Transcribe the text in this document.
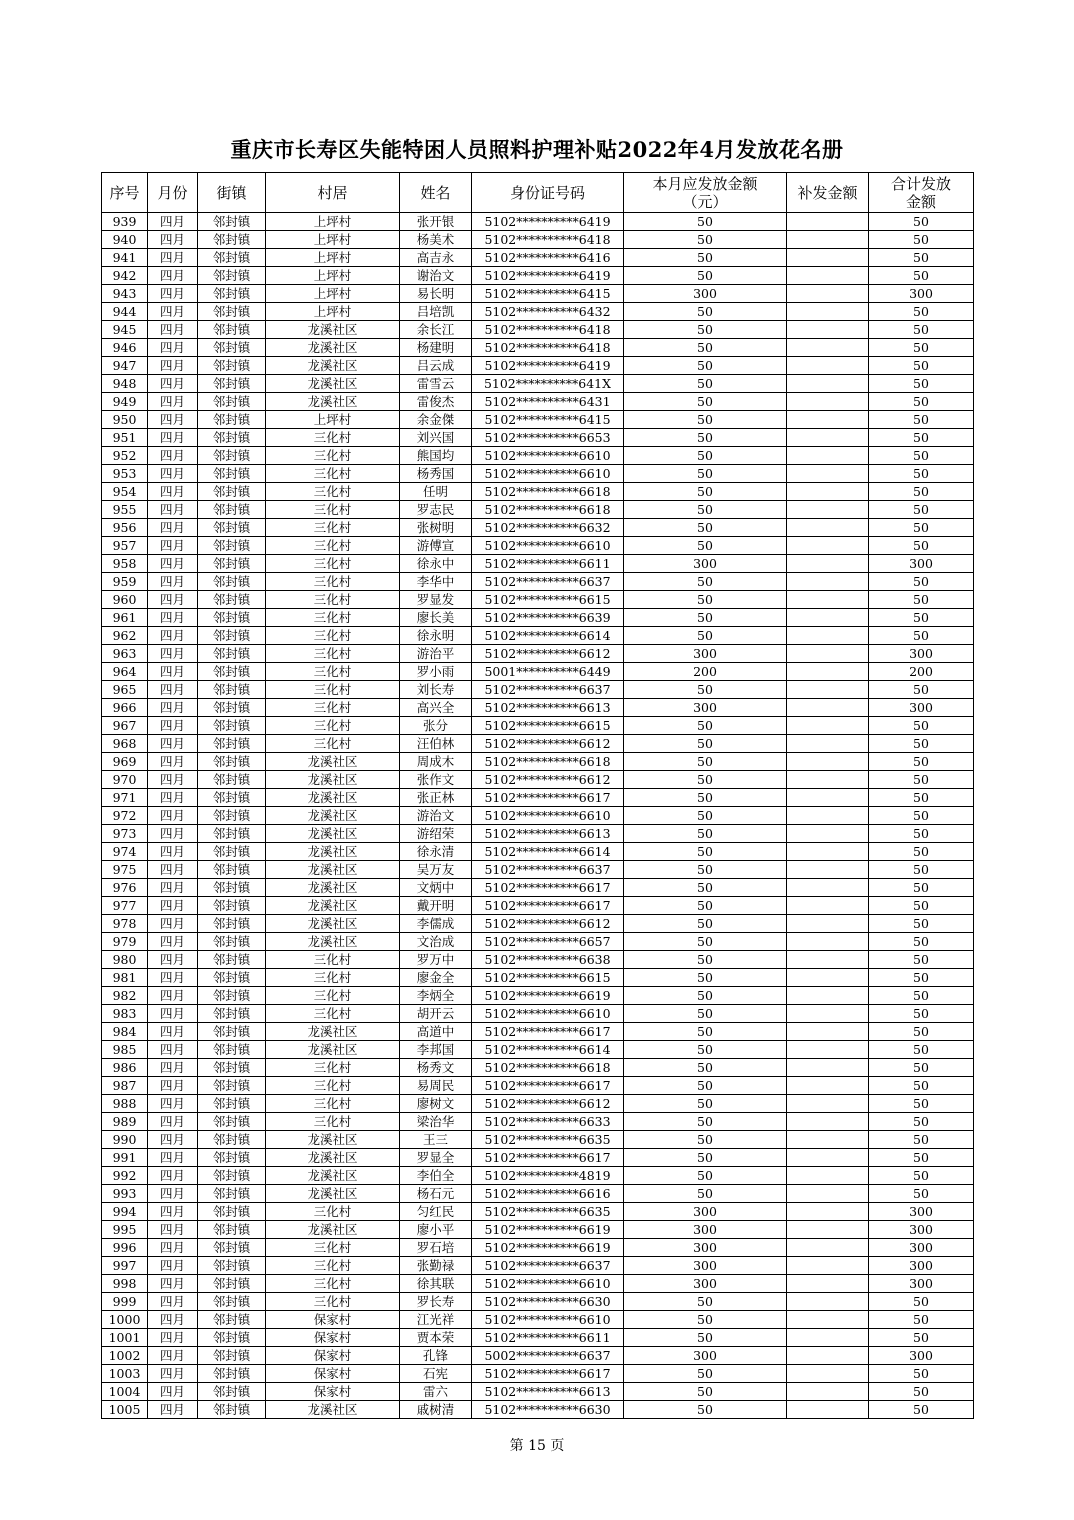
重庆市长寿区失能特困人员照料护理补贴2022年4月发放花名册
序号	月份	街镇	村居	姓名	身份证号码	本月应发放金额（元）	补发金额	合计发放金额
939	四月	邻封镇	上坪村	张开银	5102**********6419	50		50
940	四月	邻封镇	上坪村	杨美术	5102**********6418	50		50
941	四月	邻封镇	上坪村	高吉永	5102**********6416	50		50
942	四月	邻封镇	上坪村	谢治文	5102**********6419	50		50
943	四月	邻封镇	上坪村	易长明	5102**********6415	300		300
944	四月	邻封镇	上坪村	吕培凯	5102**********6432	50		50
945	四月	邻封镇	龙溪社区	余长江	5102**********6418	50		50
946	四月	邻封镇	龙溪社区	杨建明	5102**********6418	50		50
947	四月	邻封镇	龙溪社区	吕云成	5102**********6419	50		50
948	四月	邻封镇	龙溪社区	雷雪云	5102**********641X	50		50
949	四月	邻封镇	龙溪社区	雷俊杰	5102**********6431	50		50
950	四月	邻封镇	上坪村	余金傑	5102**********6415	50		50
951	四月	邻封镇	三化村	刘兴国	5102**********6653	50		50
952	四月	邻封镇	三化村	熊国均	5102**********6610	50		50
953	四月	邻封镇	三化村	杨秀国	5102**********6610	50		50
954	四月	邻封镇	三化村	任明	5102**********6618	50		50
955	四月	邻封镇	三化村	罗志民	5102**********6618	50		50
956	四月	邻封镇	三化村	张树明	5102**********6632	50		50
957	四月	邻封镇	三化村	游傅宣	5102**********6610	50		50
958	四月	邻封镇	三化村	徐永中	5102**********6611	300		300
959	四月	邻封镇	三化村	李华中	5102**********6637	50		50
960	四月	邻封镇	三化村	罗显发	5102**********6615	50		50
961	四月	邻封镇	三化村	廖长美	5102**********6639	50		50
962	四月	邻封镇	三化村	徐永明	5102**********6614	50		50
963	四月	邻封镇	三化村	游治平	5102**********6612	300		300
964	四月	邻封镇	三化村	罗小雨	5001**********6449	200		200
965	四月	邻封镇	三化村	刘长寿	5102**********6637	50		50
966	四月	邻封镇	三化村	高兴全	5102**********6613	300		300
967	四月	邻封镇	三化村	张分	5102**********6615	50		50
968	四月	邻封镇	三化村	汪伯林	5102**********6612	50		50
969	四月	邻封镇	龙溪社区	周成木	5102**********6618	50		50
970	四月	邻封镇	龙溪社区	张作文	5102**********6612	50		50
971	四月	邻封镇	龙溪社区	张正林	5102**********6617	50		50
972	四月	邻封镇	龙溪社区	游治文	5102**********6610	50		50
973	四月	邻封镇	龙溪社区	游绍荣	5102**********6613	50		50
974	四月	邻封镇	龙溪社区	徐永清	5102**********6614	50		50
975	四月	邻封镇	龙溪社区	吴万友	5102**********6637	50		50
976	四月	邻封镇	龙溪社区	文炳中	5102**********6617	50		50
977	四月	邻封镇	龙溪社区	戴开明	5102**********6617	50		50
978	四月	邻封镇	龙溪社区	李儒成	5102**********6612	50		50
979	四月	邻封镇	龙溪社区	文治成	5102**********6657	50		50
980	四月	邻封镇	三化村	罗万中	5102**********6638	50		50
981	四月	邻封镇	三化村	廖金全	5102**********6615	50		50
982	四月	邻封镇	三化村	李炳全	5102**********6619	50		50
983	四月	邻封镇	三化村	胡开云	5102**********6610	50		50
984	四月	邻封镇	龙溪社区	高道中	5102**********6617	50		50
985	四月	邻封镇	龙溪社区	李邦国	5102**********6614	50		50
986	四月	邻封镇	三化村	杨秀文	5102**********6618	50		50
987	四月	邻封镇	三化村	易周民	5102**********6617	50		50
988	四月	邻封镇	三化村	廖树文	5102**********6612	50		50
989	四月	邻封镇	三化村	梁治华	5102**********6633	50		50
990	四月	邻封镇	龙溪社区	王三	5102**********6635	50		50
991	四月	邻封镇	龙溪社区	罗显全	5102**********6617	50		50
992	四月	邻封镇	龙溪社区	李伯全	5102**********4819	50		50
993	四月	邻封镇	龙溪社区	杨石元	5102**********6616	50		50
994	四月	邻封镇	三化村	匀红民	5102**********6635	300		300
995	四月	邻封镇	龙溪社区	廖小平	5102**********6619	300		300
996	四月	邻封镇	三化村	罗石培	5102**********6619	300		300
997	四月	邻封镇	三化村	张勤禄	5102**********6637	300		300
998	四月	邻封镇	三化村	徐其联	5102**********6610	300		300
999	四月	邻封镇	三化村	罗长寿	5102**********6630	50		50
1000	四月	邻封镇	保家村	江光祥	5102**********6610	50		50
1001	四月	邻封镇	保家村	贾本荣	5102**********6611	50		50
1002	四月	邻封镇	保家村	孔锋	5002**********6637	300		300
1003	四月	邻封镇	保家村	石宪	5102**********6617	50		50
1004	四月	邻封镇	保家村	雷六	5102**********6613	50		50
1005	四月	邻封镇	龙溪社区	戚树清	5102**********6630	50		50
第 15 页
